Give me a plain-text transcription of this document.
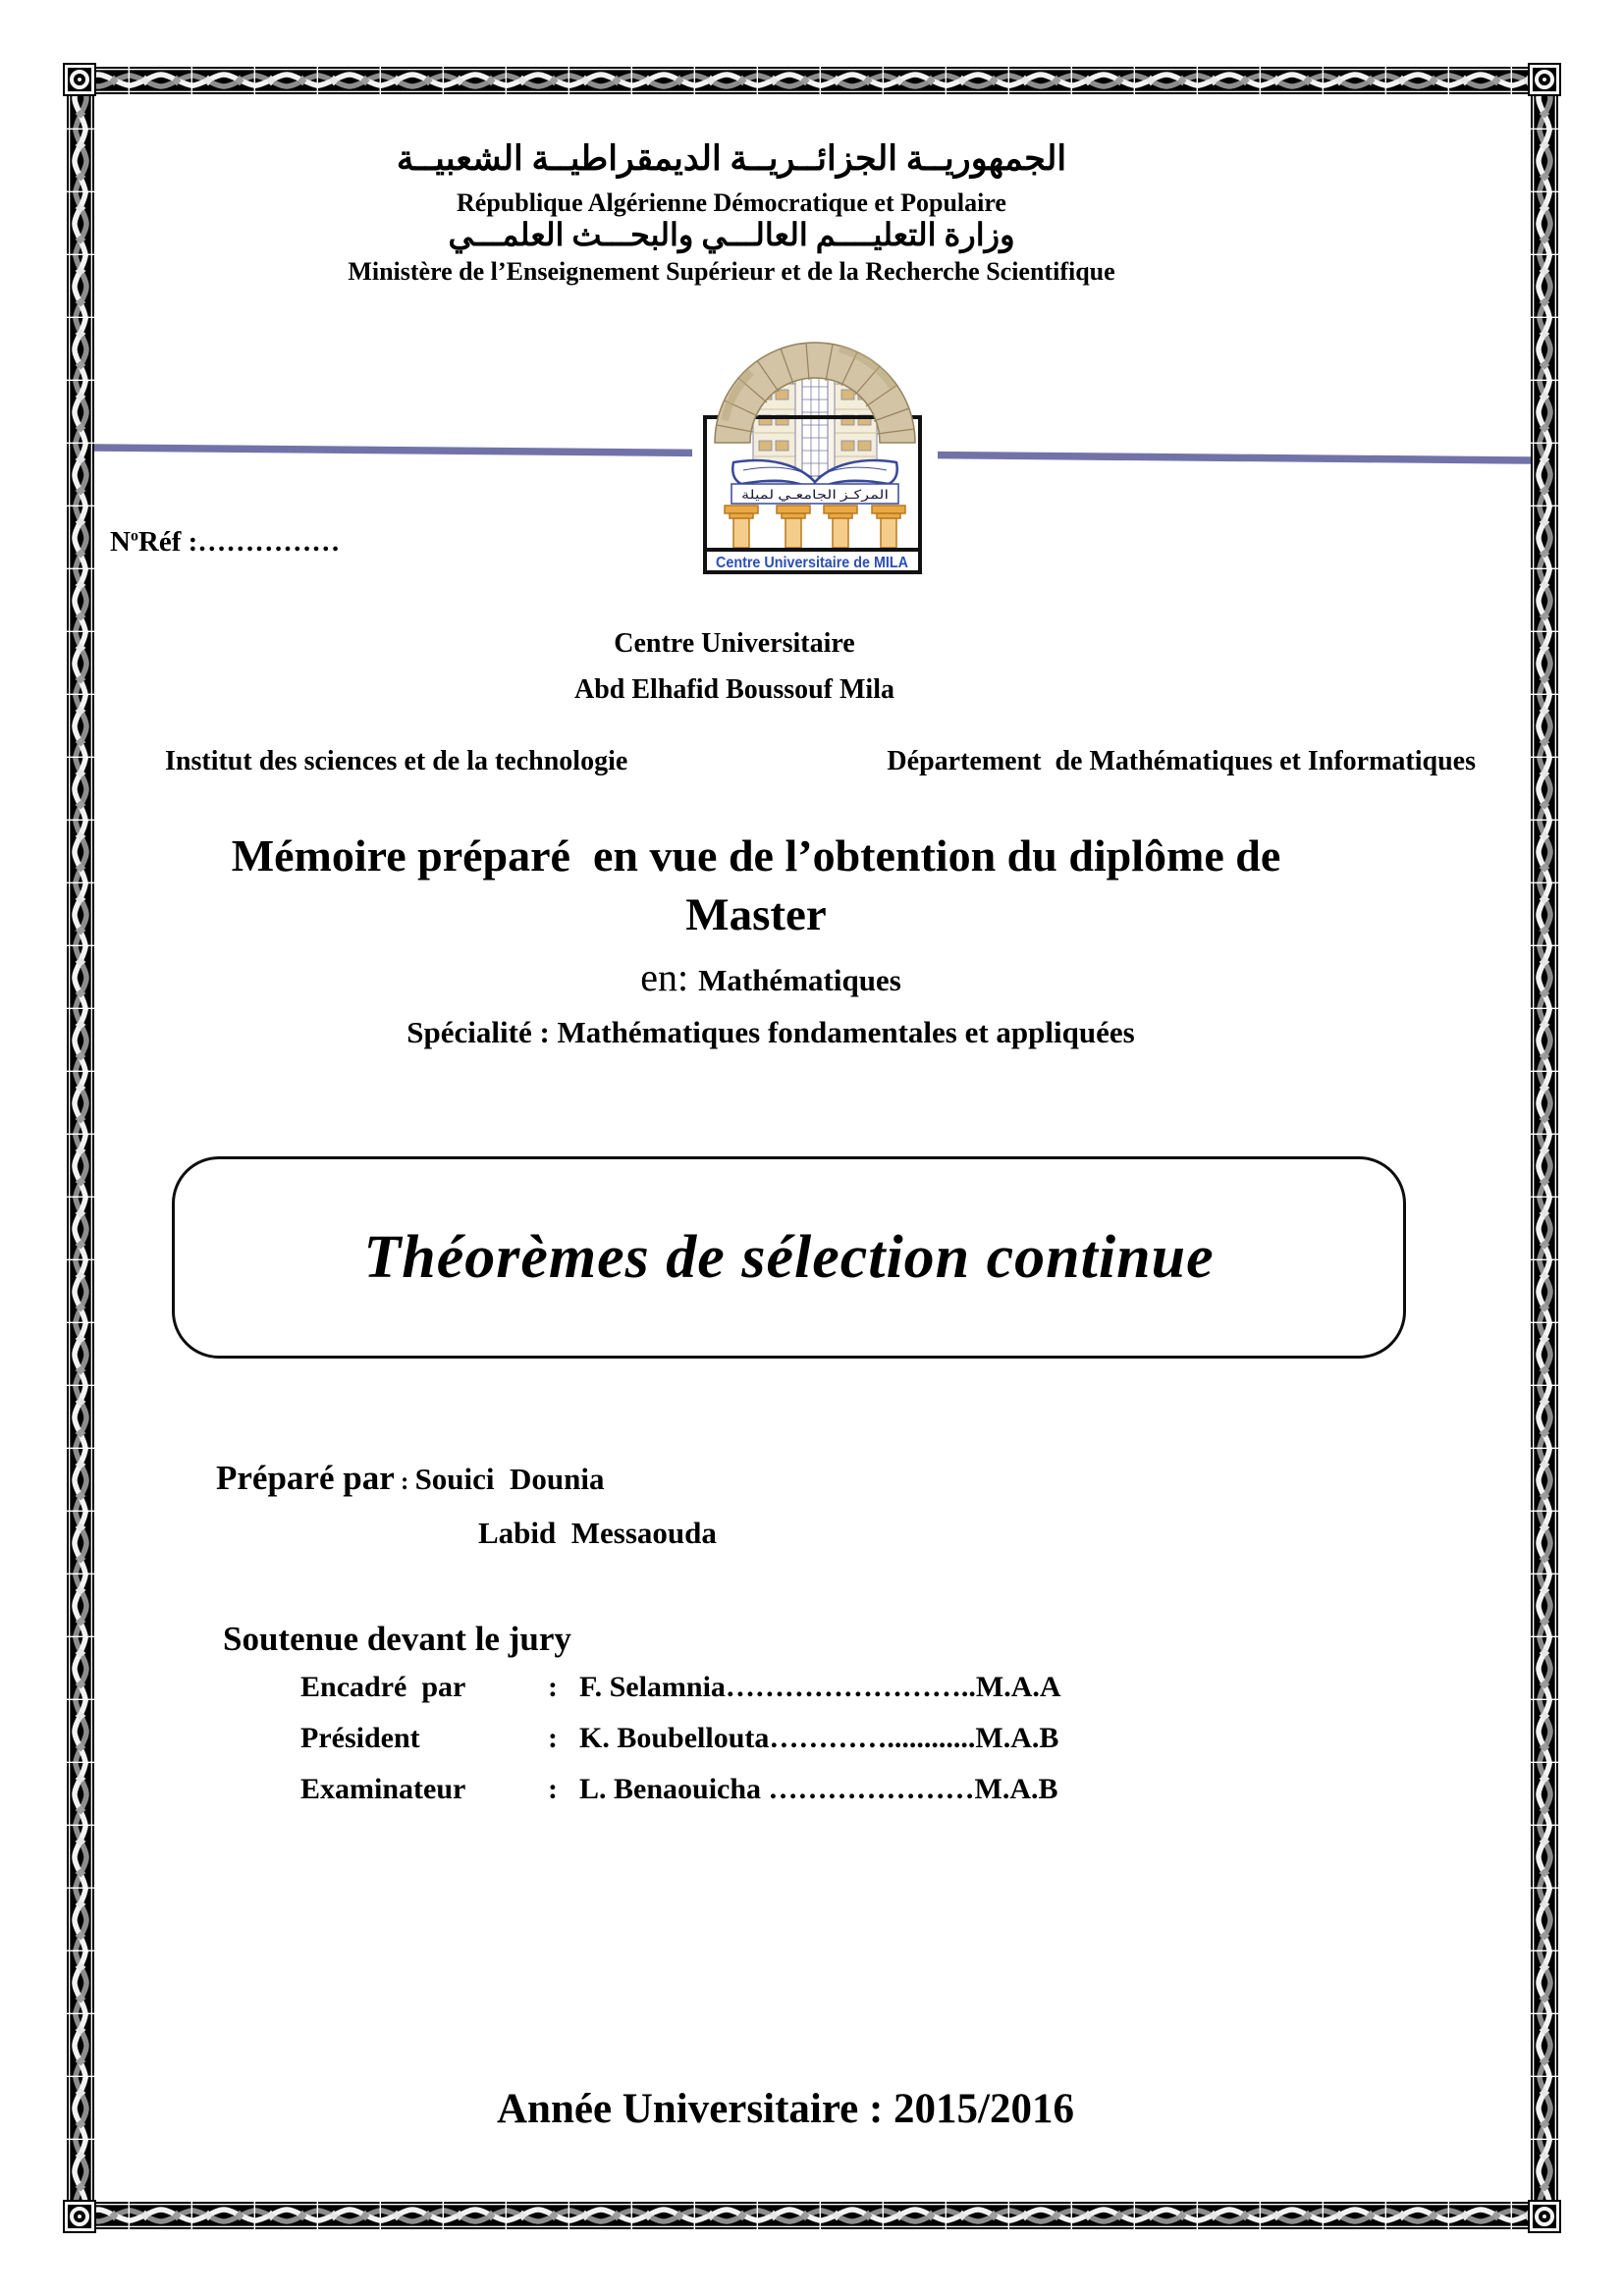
الجمهوريــة الجزائــريــة الديمقراطيــة الشعبيــة
République Algérienne Démocratique et Populaire
وزارة التعليــــم العالـــي والبحـــث العلمـــي
Ministère de l’Enseignement Supérieur et de la Recherche Scientifique
المركـز الجامعـي لميلة
Centre Universitaire de MILA
$N^oRéf$ :……………
Centre Universitaire
Abd Elhafid Boussouf Mila
Institut des sciences et de la technologie	Département  de Mathématiques et Informatiques
Mémoire préparé  en vue de l’obtention du diplôme de
Master
en: Mathématiques
Spécialité : Mathématiques fondamentales et appliquées
Théorèmes de sélection continue
Préparé par : Souici  Dounia
Labid  Messaouda
Soutenue devant le jury
Encadré  par	: F. Selamnia……………………..M.A.A
Président	: K. Boubellouta…………............M.A.B
Examinateur	: L. Benaouicha …………………M.A.B
Année Universitaire : 2015/2016
